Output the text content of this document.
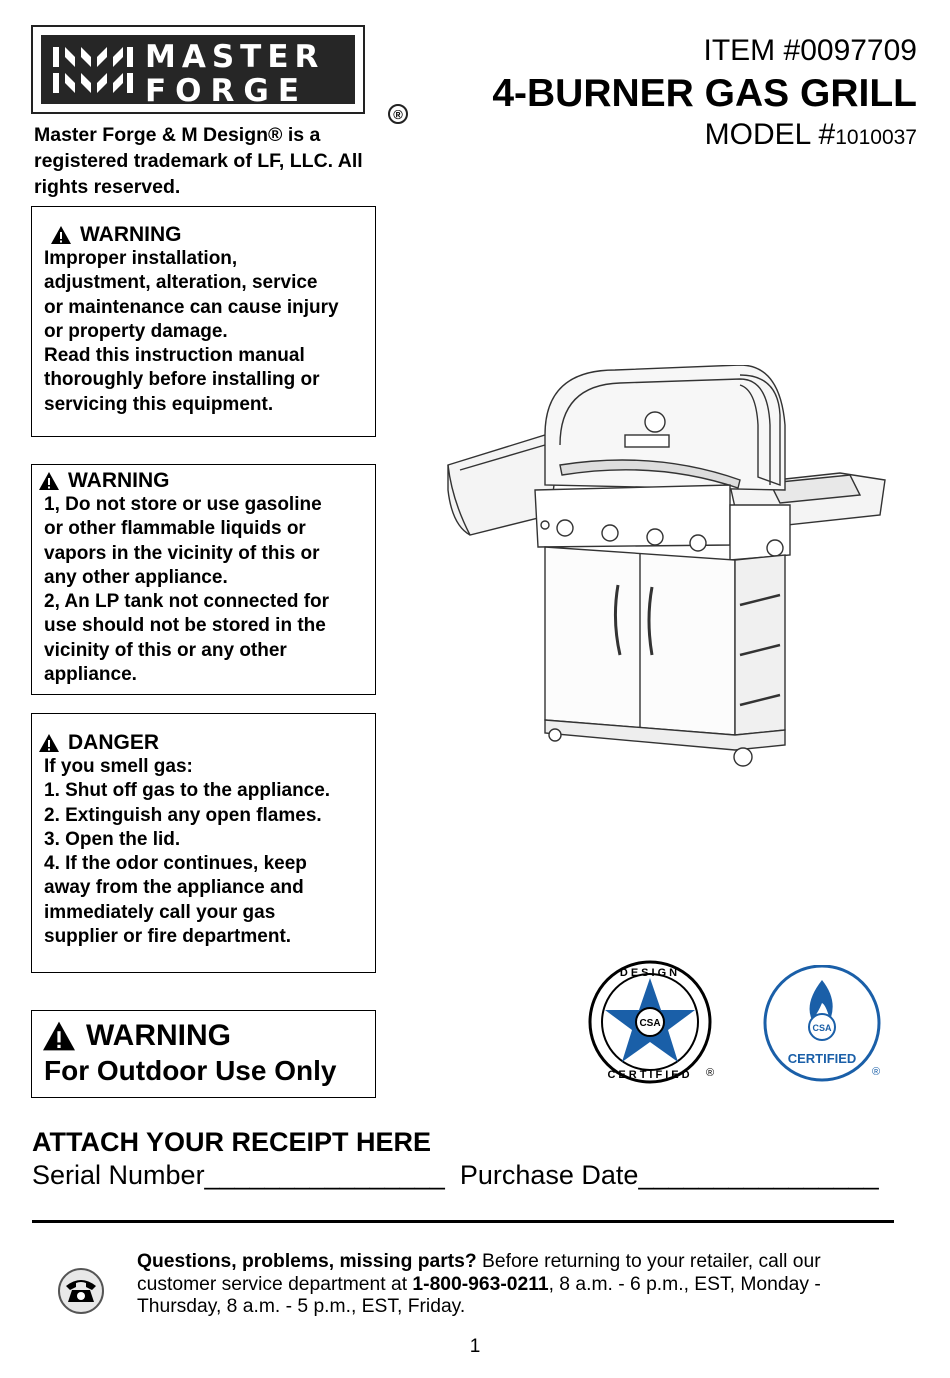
MASTER
FORGE
®
Master Forge & M Design® is a registered trademark of LF, LLC. All rights reserved.
ITEM #0097709
4-BURNER GAS GRILL
MODEL #1010037
WARNING
Improper installation,
adjustment, alteration, service
or maintenance can cause injury
or property damage.
Read this instruction manual
thoroughly before installing or
servicing this equipment.
WARNING
1, Do not store or use gasoline
or other flammable liquids or
vapors in the vicinity of this or
any other appliance.
2, An LP tank not connected for
use should not be stored in the
vicinity of this or any other
appliance.
DANGER
If you smell gas:
1. Shut off gas to the appliance.
2. Extinguish any open flames.
3. Open the lid.
4. If the odor continues, keep
away from the appliance and
immediately call your gas
supplier or fire department.
WARNING
For Outdoor Use Only
CSA
DESIGN
CERTIFIED ®
CSA
CERTIFIED
®
ATTACH YOUR RECEIPT HERE
Serial Number________________ Purchase Date________________
Questions, problems, missing parts? Before returning to your retailer, call our customer service department at 1-800-963-0211, 8 a.m. - 6 p.m., EST, Monday - Thursday, 8 a.m. - 5 p.m., EST, Friday.
1
